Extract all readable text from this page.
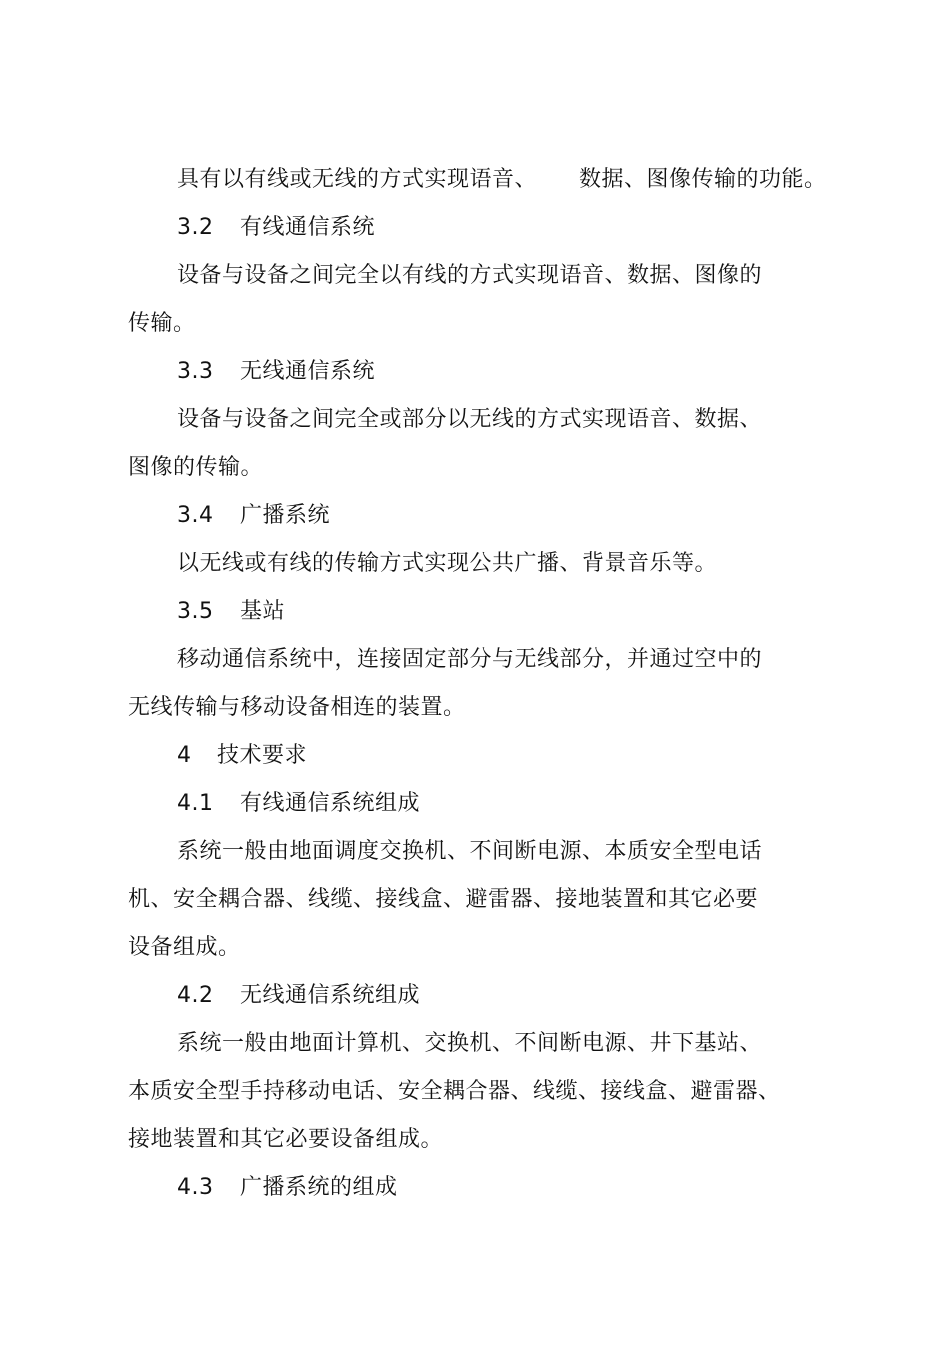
具有以有线或无线的方式实现语音、 数据、图像传输的功能。
3.2 有线通信系统
设备与设备之间完全以有线的方式实现语音、数据、图像的
传输。
3.3 无线通信系统
设备与设备之间完全或部分以无线的方式实现语音、数据、
图像的传输。
3.4 广播系统
以无线或有线的传输方式实现公共广播、背景音乐等。
3.5 基站
移动通信系统中，连接固定部分与无线部分，并通过空中的
无线传输与移动设备相连的装置。
4 技术要求
4.1 有线通信系统组成
系统一般由地面调度交换机、不间断电源、本质安全型电话
机、安全耦合器、线缆、接线盒、避雷器、接地装置和其它必要
设备组成。
4.2 无线通信系统组成
系统一般由地面计算机、交换机、不间断电源、井下基站、
本质安全型手持移动电话、安全耦合器、线缆、接线盒、避雷器、
接地装置和其它必要设备组成。
4.3 广播系统的组成
